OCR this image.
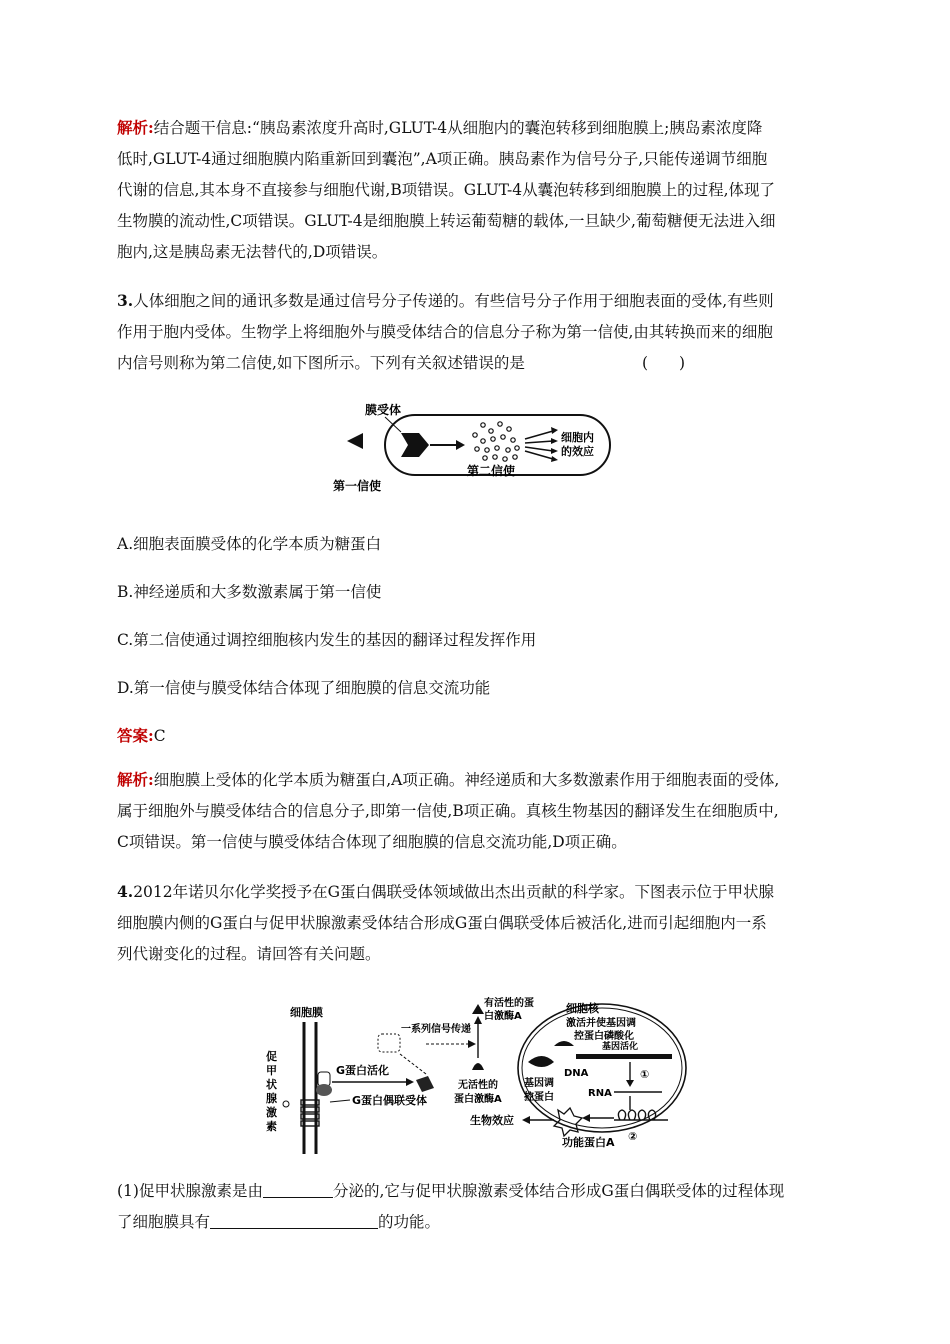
解析:结合题干信息:“胰岛素浓度升高时,GLUT-4从细胞内的囊泡转移到细胞膜上;胰岛素浓度降
低时,GLUT-4通过细胞膜内陷重新回到囊泡”,A项正确。胰岛素作为信号分子,只能传递调节细胞
代谢的信息,其本身不直接参与细胞代谢,B项错误。GLUT-4从囊泡转移到细胞膜上的过程,体现了
生物膜的流动性,C项错误。GLUT-4是细胞膜上转运葡萄糖的载体,一旦缺少,葡萄糖便无法进入细
胞内,这是胰岛素无法替代的,D项错误。
3.人体细胞之间的通讯多数是通过信号分子传递的。有些信号分子作用于细胞表面的受体,有些则
作用于胞内受体。生物学上将细胞外与膜受体结合的信息分子称为第一信使,由其转换而来的细胞
内信号则称为第二信使,如下图所示。下列有关叙述错误的是	(　　)
膜受体
细胞内
的效应
第二信使
第一信使
A.细胞表面膜受体的化学本质为糖蛋白
B.神经递质和大多数激素属于第一信使
C.第二信使通过调控细胞核内发生的基因的翻译过程发挥作用
D.第一信使与膜受体结合体现了细胞膜的信息交流功能
答案:C
解析:细胞膜上受体的化学本质为糖蛋白,A项正确。神经递质和大多数激素作用于细胞表面的受体,
属于细胞外与膜受体结合的信息分子,即第一信使,B项正确。真核生物基因的翻译发生在细胞质中,
C项错误。第一信使与膜受体结合体现了细胞膜的信息交流功能,D项正确。
4.2012年诺贝尔化学奖授予在G蛋白偶联受体领域做出杰出贡献的科学家。下图表示位于甲状腺
细胞膜内侧的G蛋白与促甲状腺激素受体结合形成G蛋白偶联受体后被活化,进而引起细胞内一系
列代谢变化的过程。请回答有关问题。
细胞膜
促
甲
状
腺
激
素
G蛋白活化
G蛋白偶联受体
一系列信号传递
有活性的蛋
白激酶A
无活性的
蛋白激酶A
细胞核
激活并使基因调
控蛋白磷酸化
基因活化
基因调
控蛋白
DNA	①
RNA
②
生物效应
功能蛋白A
(1)促甲状腺激素是由	分泌的,它与促甲状腺激素受体结合形成G蛋白偶联受体的过程体现
了细胞膜具有	的功能。
